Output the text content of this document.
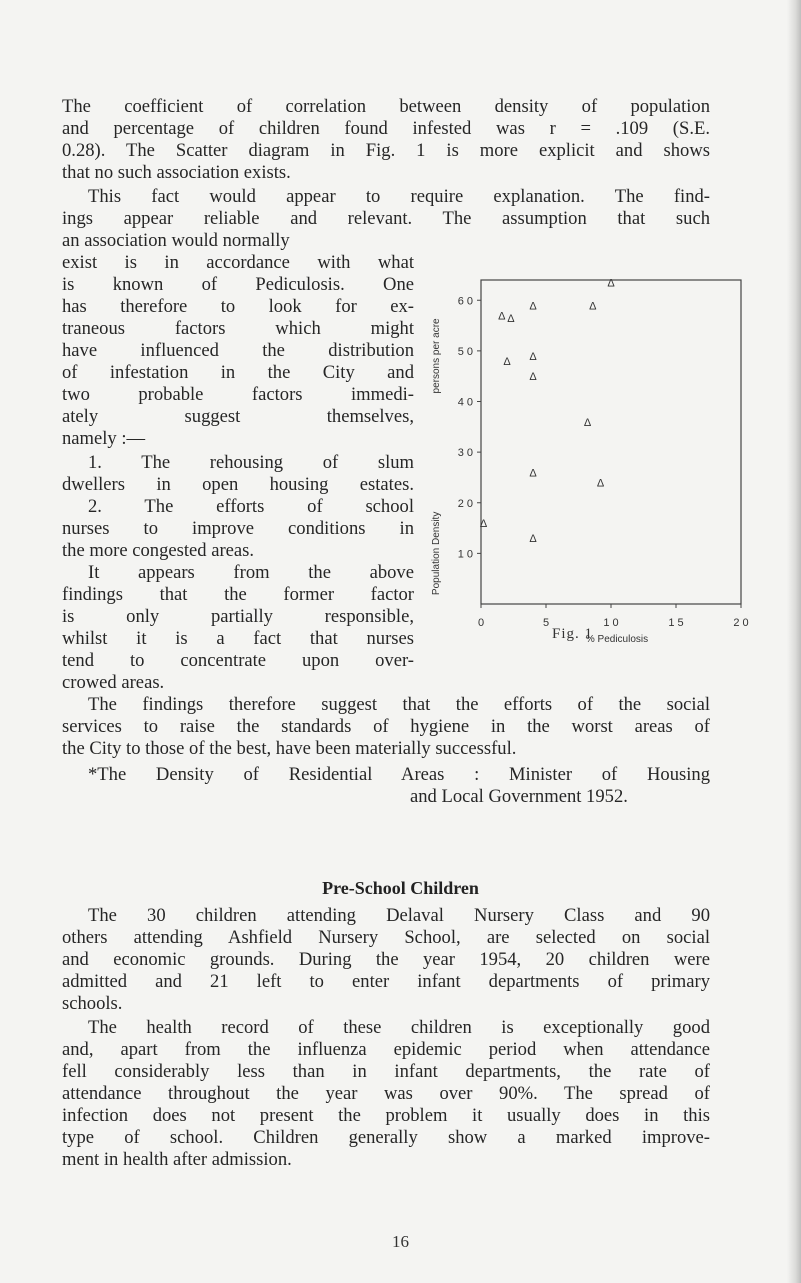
The coefficient of correlation between density of population
and percentage of children found infested was r = .109 (S.E.
0.28). The Scatter diagram in Fig. 1 is more explicit and shows
that no such association exists.
This fact would appear to require explanation. The find-
ings appear reliable and relevant. The assumption that such
an association would normally
exist is in accordance with what
is known of Pediculosis. One
has therefore to look for ex-
traneous factors which might
have influenced the distribution
of infestation in the City and
two probable factors immedi-
ately suggest themselves,
namely :—
1. The rehousing of slum
dwellers in open housing estates.
2. The efforts of school
nurses to improve conditions in
the more congested areas.
It appears from the above
findings that the former factor
is only partially responsible,
whilst it is a fact that nurses
tend to concentrate upon over-
crowed areas.
1 0
2 0
3 0
4 0
5 0
6 0
0	5	1 0	1 5	2 0
% Pediculosis
Population Density
persons per acre
Δ Δ
Δ Δ
Δ
Δ	Δ
Δ
Δ
Δ
Δ
Δ
Δ
Fig. 1
The findings therefore suggest that the efforts of the social
services to raise the standards of hygiene in the worst areas of
the City to those of the best, have been materially successful.
*The Density of Residential Areas : Minister of Housing
and Local Government 1952.
Pre-School Children
The 30 children attending Delaval Nursery Class and 90
others attending Ashfield Nursery School, are selected on social
and economic grounds. During the year 1954, 20 children were
admitted and 21 left to enter infant departments of primary
schools.
The health record of these children is exceptionally good
and, apart from the influenza epidemic period when attendance
fell considerably less than in infant departments, the rate of
attendance throughout the year was over 90%. The spread of
infection does not present the problem it usually does in this
type of school. Children generally show a marked improve-
ment in health after admission.
16
